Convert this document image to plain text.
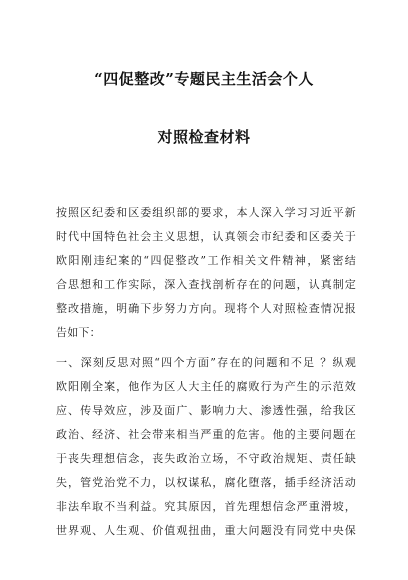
“四促整改”专题民主生活会个人
对照检查材料
按照区纪委和区委组织部的要求，本人深入学习习近平新
时代中国特色社会主义思想，认真领会市纪委和区委关于
欧阳刚违纪案的“四促整改”工作相关文件精神，紧密结
合思想和工作实际，深入查找剖析存在的问题，认真制定
整改措施，明确下步努力方向。现将个人对照检查情况报
告如下：
一、深刻反思对照“四个方面”存在的问题和不足 ？纵观
欧阳刚全案，他作为区人大主任的腐败行为产生的示范效
应、传导效应，涉及面广、影响力大、渗透性强，给我区
政治、经济、社会带来相当严重的危害。他的主要问题在
于丧失理想信念，丧失政治立场，不守政治规矩、责任缺
失，管党治党不力，以权谋私，腐化堕落，插手经济活动
非法牟取不当利益。究其原因，首先理想信念严重滑坡，
世界观、人生观、价值观扭曲，重大问题没有同党中央保
